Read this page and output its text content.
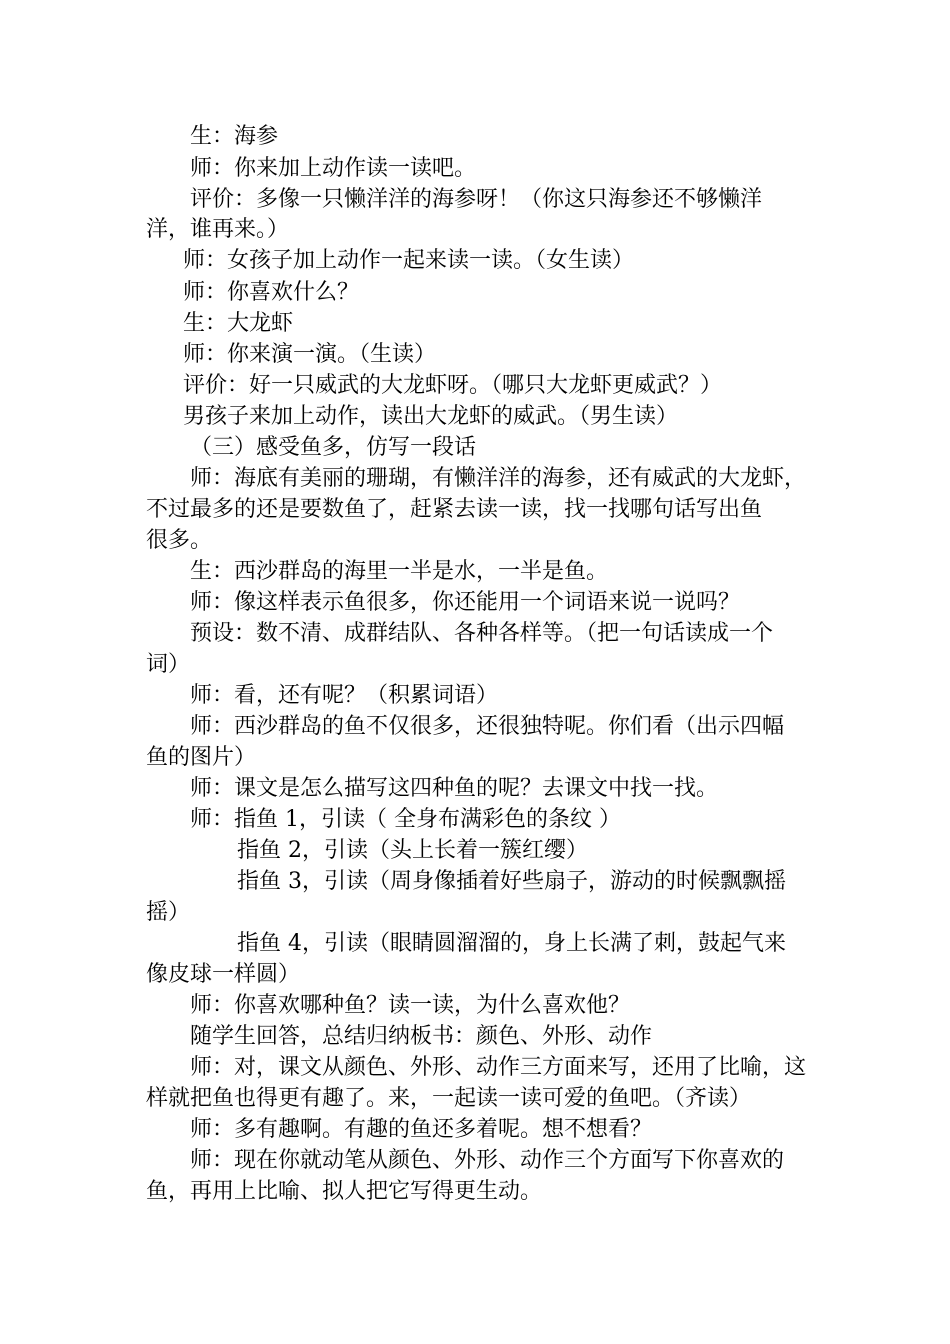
生：海参
师：你来加上动作读一读吧。
评价：多像一只懒洋洋的海参呀！（你这只海参还不够懒洋
洋，谁再来。）
师：女孩子加上动作一起来读一读。（女生读）
师：你喜欢什么？
生：大龙虾
师：你来演一演。（生读）
评价：好一只威武的大龙虾呀。（哪只大龙虾更威武？）
男孩子来加上动作，读出大龙虾的威武。（男生读）
（三）感受鱼多，仿写一段话
师：海底有美丽的珊瑚，有懒洋洋的海参，还有威武的大龙虾，
不过最多的还是要数鱼了，赶紧去读一读，找一找哪句话写出鱼
很多。
生：西沙群岛的海里一半是水，一半是鱼。
师：像这样表示鱼很多，你还能用一个词语来说一说吗？
预设：数不清、成群结队、各种各样等。（把一句话读成一个
词）
师：看，还有呢？（积累词语）
师：西沙群岛的鱼不仅很多，还很独特呢。你们看（出示四幅
鱼的图片）
师：课文是怎么描写这四种鱼的呢？去课文中找一找。
师：指鱼 1，引读（ 全身布满彩色的条纹 ）
指鱼 2，引读（头上长着一簇红缨）
指鱼 3，引读（周身像插着好些扇子，游动的时候飘飘摇
摇）
指鱼 4，引读（眼睛圆溜溜的，身上长满了刺，鼓起气来
像皮球一样圆）
师：你喜欢哪种鱼？读一读，为什么喜欢他？
随学生回答，总结归纳板书：颜色、外形、动作
师：对，课文从颜色、外形、动作三方面来写，还用了比喻，这
样就把鱼也得更有趣了。来，一起读一读可爱的鱼吧。（齐读）
师：多有趣啊。有趣的鱼还多着呢。想不想看？
师：现在你就动笔从颜色、外形、动作三个方面写下你喜欢的
鱼，再用上比喻、拟人把它写得更生动。
